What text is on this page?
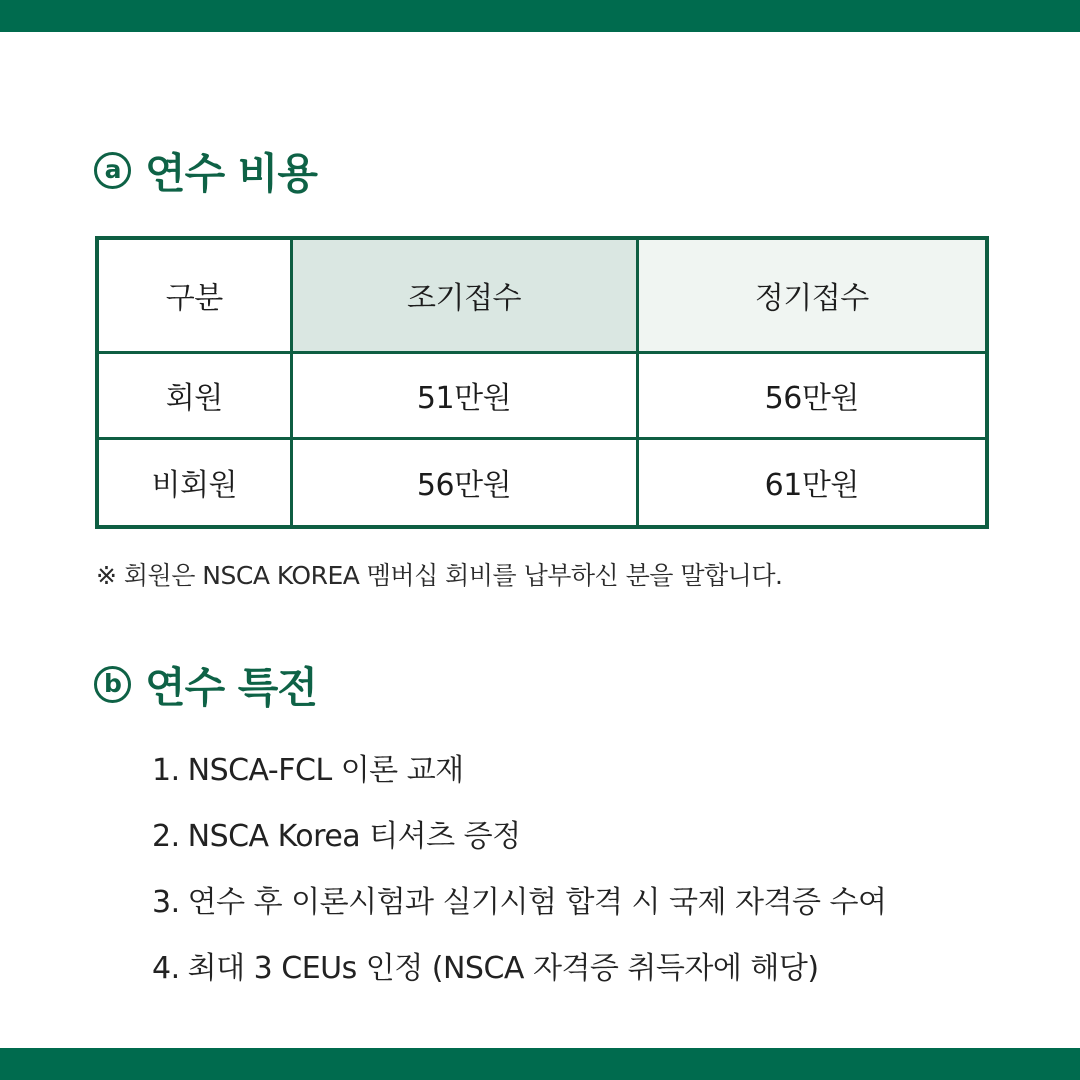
a 연수 비용
구분	조기접수	정기접수
회원	51만원	56만원
비회원	56만원	61만원
※ 회원은 NSCA KOREA 멤버십 회비를 납부하신 분을 말합니다.
b 연수 특전
1. NSCA-FCL 이론 교재
2. NSCA Korea 티셔츠 증정
3. 연수 후 이론시험과 실기시험 합격 시 국제 자격증 수여
4. 최대 3 CEUs 인정 (NSCA 자격증 취득자에 해당)
